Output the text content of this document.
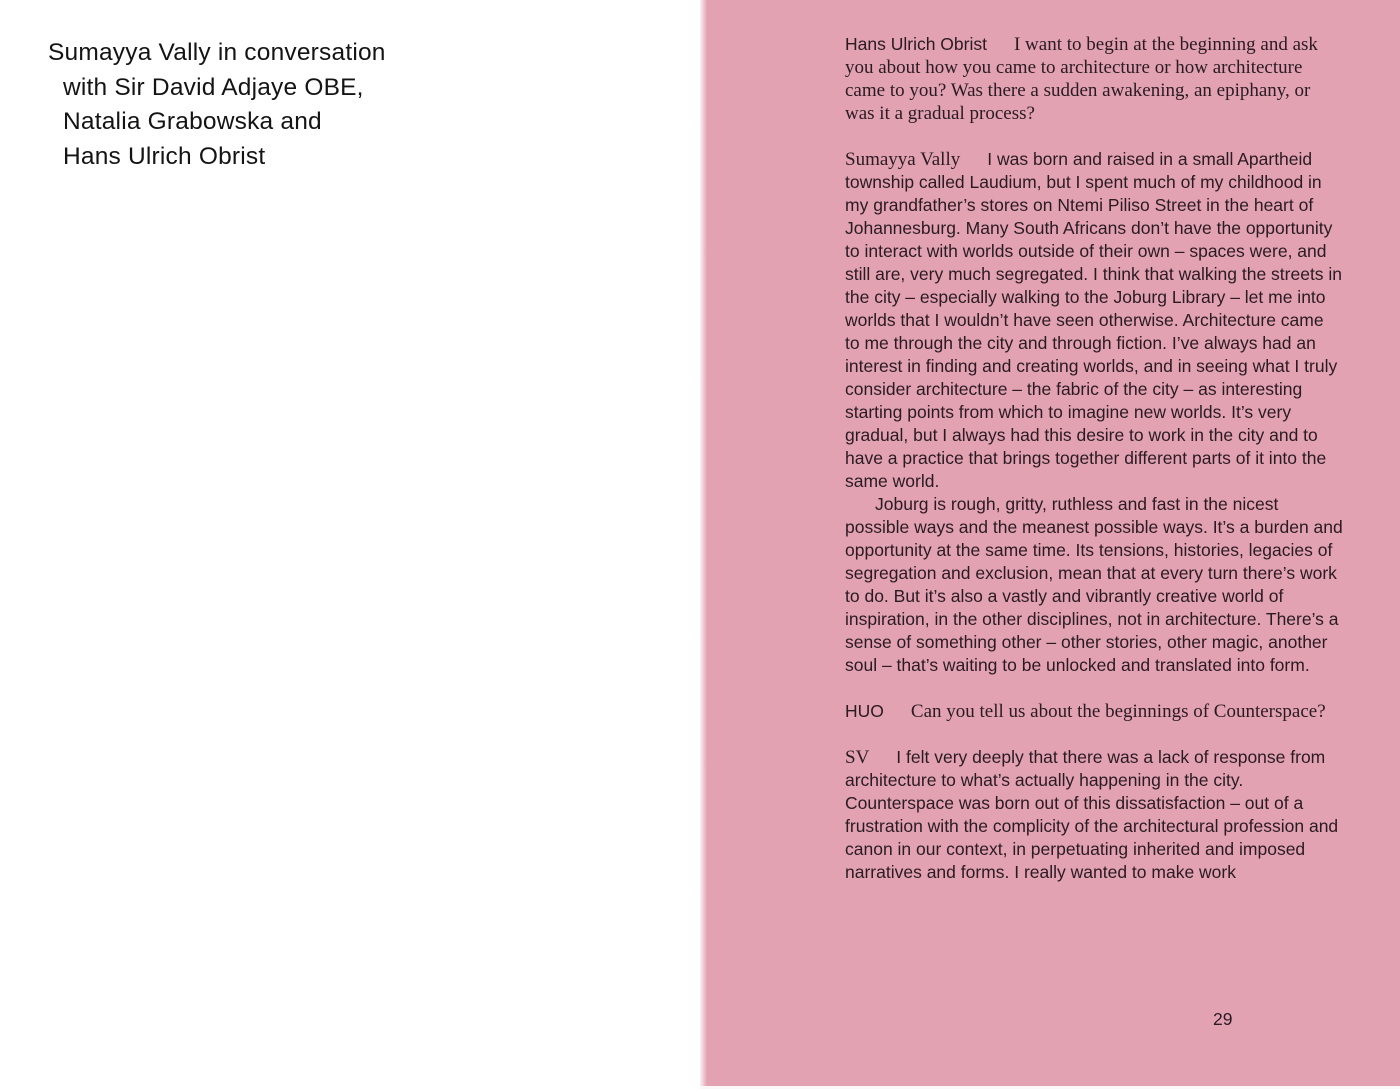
Sumayya Vally in conversation
with Sir David Adjaye OBE,
Natalia Grabowska and
Hans Ulrich Obrist

Hans Ulrich Obrist I want to begin at the beginning and ask you about how you came to architecture or how architecture came to you? Was there a sudden awakening, an epiphany, or was it a gradual process?

Sumayya Vally I was born and raised in a small Apartheid township called Laudium, but I spent much of my childhood in my grandfather’s stores on Ntemi Piliso Street in the heart of Johannesburg. Many South Africans don’t have the opportunity to interact with worlds outside of their own – spaces were, and still are, very much segregated. I think that walking the streets in the city – especially walking to the Joburg Library – let me into worlds that I wouldn’t have seen otherwise. Architecture came to me through the city and through fiction. I’ve always had an interest in finding and creating worlds, and in seeing what I truly consider architecture – the fabric of the city – as interesting starting points from which to imagine new worlds. It’s very gradual, but I always had this desire to work in the city and to have a practice that brings together different parts of it into the same world.

Joburg is rough, gritty, ruthless and fast in the nicest possible ways and the meanest possible ways. It’s a burden and opportunity at the same time. Its tensions, histories, legacies of segregation and exclusion, mean that at every turn there’s work to do. But it’s also a vastly and vibrantly creative world of inspiration, in the other disciplines, not in architecture. There’s a sense of something other – other stories, other magic, another soul – that’s waiting to be unlocked and translated into form.

HUO Can you tell us about the beginnings of Counterspace?

SV I felt very deeply that there was a lack of response from architecture to what’s actually happening in the city. Counterspace was born out of this dissatisfaction – out of a frustration with the complicity of the architectural profession and canon in our context, in perpetuating inherited and imposed narratives and forms. I really wanted to make work

29
